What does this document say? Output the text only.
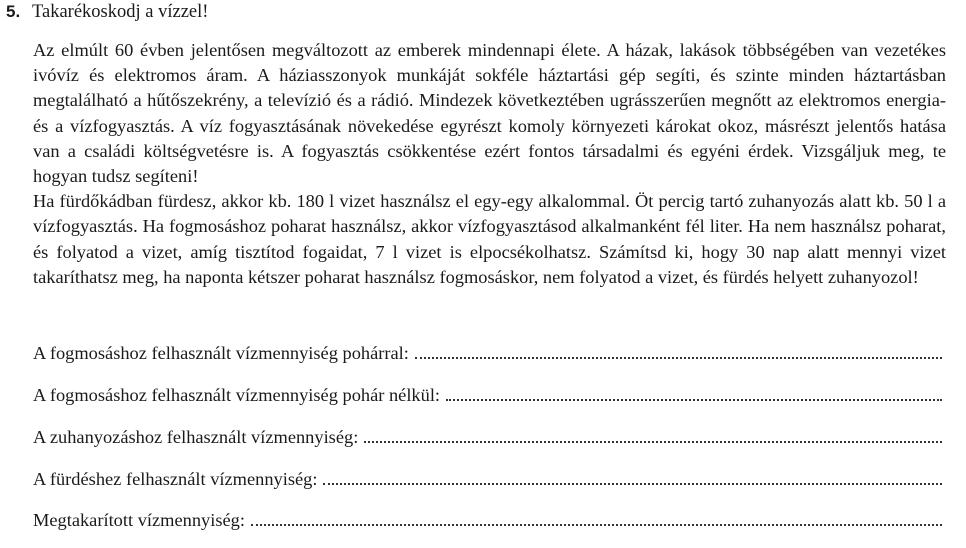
5. Takarékoskodj a vízzel!

Az elmúlt 60 évben jelentősen megváltozott az emberek mindennapi élete. A házak, lakások többségében van vezetékes ivóvíz és elektromos áram. A háziasszonyok munkáját sokféle háztartási gép segíti, és szinte minden háztartásban megtalálható a hűtőszekrény, a televízió és a rádió. Mindezek következtében ugrásszerűen megnőtt az elektromos energia- és a vízfogyasztás. A víz fogyasztásának növekedése egyrészt komoly környezeti károkat okoz, másrészt jelentős hatása van a családi költségvetésre is. A fogyasztás csökkentése ezért fontos társadalmi és egyéni érdek. Vizsgáljuk meg, te hogyan tudsz segíteni!

Ha fürdőkádban fürdesz, akkor kb. 180 l vizet használsz el egy-egy alkalommal. Öt percig tartó zuhanyozás alatt kb. 50 l a vízfogyasztás. Ha fogmosáshoz poharat használsz, akkor vízfogyasztásod alkalmanként fél liter. Ha nem használsz poharat, és folyatod a vizet, amíg tisztítod fogaidat, 7 l vizet is elpocsékolhatsz. Számítsd ki, hogy 30 nap alatt mennyi vizet takaríthatsz meg, ha naponta kétszer poharat használsz fogmosáskor, nem folyatod a vizet, és fürdés helyett zuhanyozol!

A fogmosáshoz felhasznált vízmennyiség pohárral:
A fogmosáshoz felhasznált vízmennyiség pohár nélkül:
A zuhanyozáshoz felhasznált vízmennyiség:
A fürdéshez felhasznált vízmennyiség:
Megtakarított vízmennyiség:
